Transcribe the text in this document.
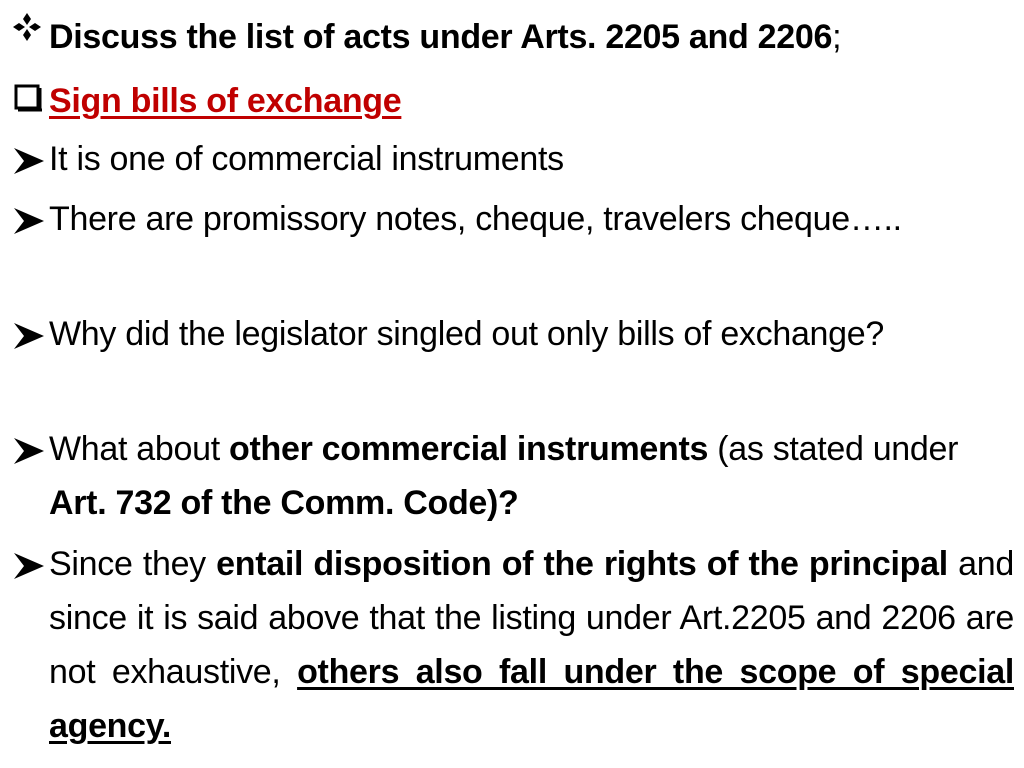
Discuss the list of acts under Arts. 2205 and 2206;
Sign bills of exchange
It is one of commercial instruments
There are promissory notes, cheque, travelers cheque…..
Why did the legislator singled out only bills of exchange?
What about other commercial instruments (as stated under Art. 732 of the Comm. Code)?
Since they entail disposition of the rights of the principal and since it is said above that the listing under Art.2205 and 2206 are not exhaustive, others also fall under the scope of special agency.
